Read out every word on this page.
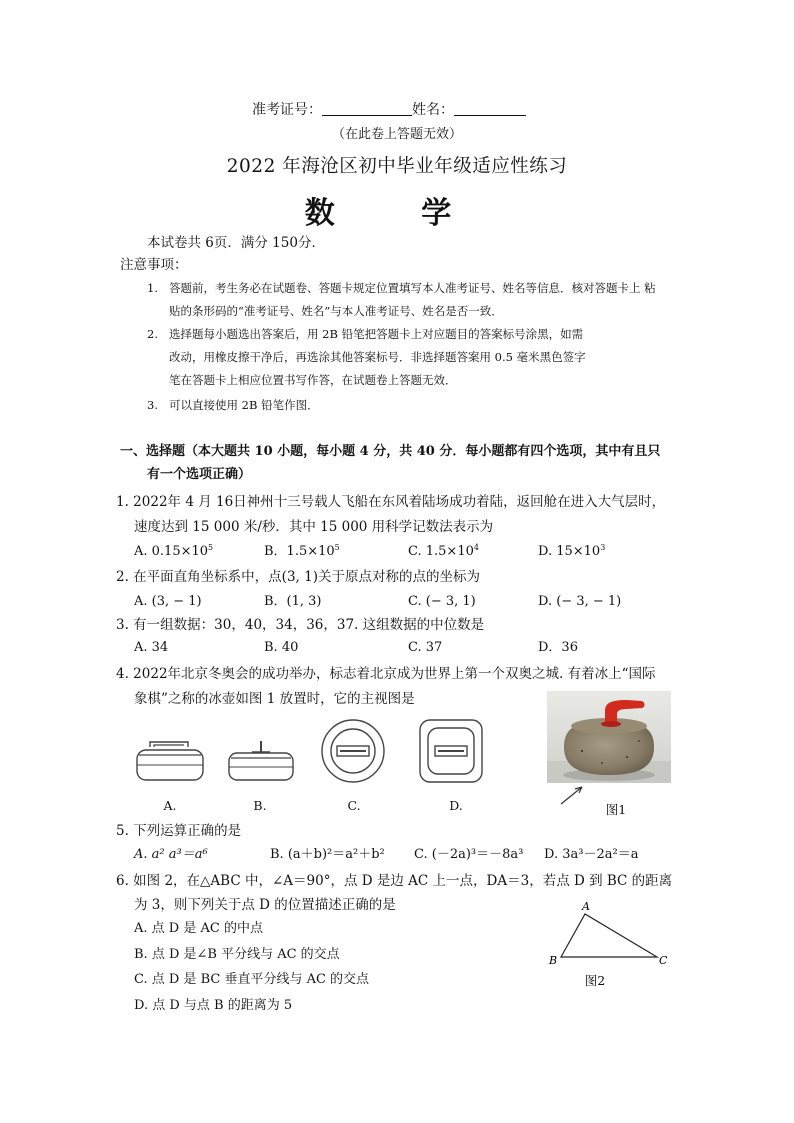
准考证号：	姓名：
（在此卷上答题无效）
2022 年海沧区初中毕业年级适应性练习
数 学
本试卷共 6页．满分 150分．
注意事项：
1. 答题前，考生务必在试题卷、答题卡规定位置填写本人准考证号、姓名等信息．核对答题卡上 粘
贴的条形码的“准考证号、姓名”与本人准考证号、姓名是否一致．
2. 选择题每小题选出答案后，用 2B 铅笔把答题卡上对应题目的答案标号涂黑，如需
改动，用橡皮擦干净后，再选涂其他答案标号．非选择题答案用 0.5 毫米黑色签字
笔在答题卡上相应位置书写作答，在试题卷上答题无效．
3. 可以直接使用 2B 铅笔作图．
一、选择题（本大题共 10 小题，每小题 4 分，共 40 分．每小题都有四个选项，其中有且只
有一个选项正确）
1. 2022年 4 月 16日神州十三号载人飞船在东风着陆场成功着陆，返回舱在进入大气层时，
速度达到 15 000 米/秒．其中 15 000 用科学记数法表示为
A. $0.15\times 10^5$	B．$1.5\times 10^5$	C. $1.5\times 10^4$	D. $15\times 10^3$
2. 在平面直角坐标系中，点(3, 1)关于原点对称的点的坐标为
A. (3, − 1)	B．(1, 3)	C. (− 3, 1)	D. (− 3, − 1)
3. 有一组数据：30，40，34，36，37. 这组数据的中位数是
A. 34	B. 40	C. 37	D．36
4. 2022年北京冬奥会的成功举办，标志着北京成为世界上第一个双奥之城. 有着冰上“国际
象棋”之称的冰壶如图 1 放置时，它的主视图是
A.	B.	C.	D.	图1
5. 下列运算正确的是
A. a² a³＝a⁶	B. (a＋b)²＝a²＋b² C. (－2a)³＝－8a³ D. 3a³－2a²＝a
6. 如图 2，在△ABC 中，∠A＝90°，点 D 是边 AC 上一点，DA＝3，若点 D 到 BC 的距离
为 3，则下列关于点 D 的位置描述正确的是
A. 点 D 是 AC 的中点
B. 点 D 是∠B 平分线与 AC 的交点
C. 点 D 是 BC 垂直平分线与 AC 的交点
D. 点 D 与点 B 的距离为 5
A
B	C
图2
